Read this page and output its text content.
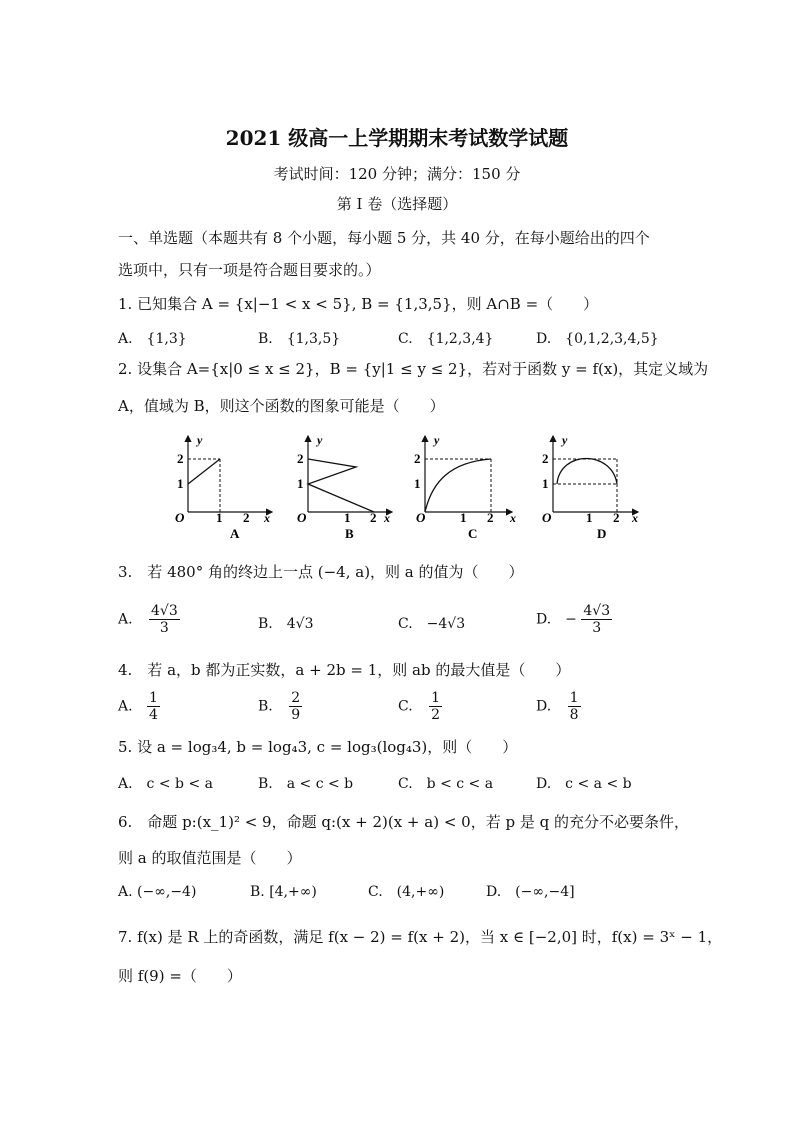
2021 级高一上学期期末考试数学试题
考试时间：120 分钟；满分：150 分
第 I 卷（选择题）
一、单选题（本题共有 8 个小题，每小题 5 分，共 40 分，在每小题给出的四个
选项中，只有一项是符合题目要求的。）
1. 已知集合 A = {x|−1 < x < 5}, B = {1,3,5}，则 A∩B =（　　）
A.　{1,3}	B.　{1,3,5}	C.　{1,2,3,4}	D.　{0,1,2,3,4,5}
2. 设集合 A={x|0 ≤ x ≤ 2}，B = {y|1 ≤ y ≤ 2}，若对于函数 y = f(x)，其定义域为
A，值域为 B，则这个函数的图象可能是（　　）
y
x
O
2
1
1 2
A
y
x
O
2
1
1 2
B
y
x
O
2
1
1 2
C
y
x
O
2
1
1 2
D
3.　若 480° 角的终边上一点 (−4, a)，则 a 的值为（　　）
A. $\frac{4√3}{3}$	B.　4√3	C.　−4√3	D.　− $\frac{4√3}{3}$
4.　若 a，b 都为正实数，a + 2b = 1，则 ab 的最大值是（　　）
A. $\frac{1}{4}$	B. $\frac{2}{9}$	C. $\frac{1}{2}$	D. $\frac{1}{8}$
5. 设 a = log₃4, b = log₄3, c = log₃(log₄3)，则（　　）
A.　c < b < a	B.　a < c < b	C.　b < c < a	D.　c < a < b
6.　命题 p:(x_1)² < 9，命题 q:(x + 2)(x + a) < 0，若 p 是 q 的充分不必要条件，
则 a 的取值范围是（　　）
A. (−∞,−4)	B. [4,+∞)	C.　(4,+∞)	D.　(−∞,−4]
7. f(x) 是 R 上的奇函数，满足 f(x − 2) = f(x + 2)，当 x ∈ [−2,0] 时，f(x) = 3ˣ − 1，
则 f(9) =（　　）
